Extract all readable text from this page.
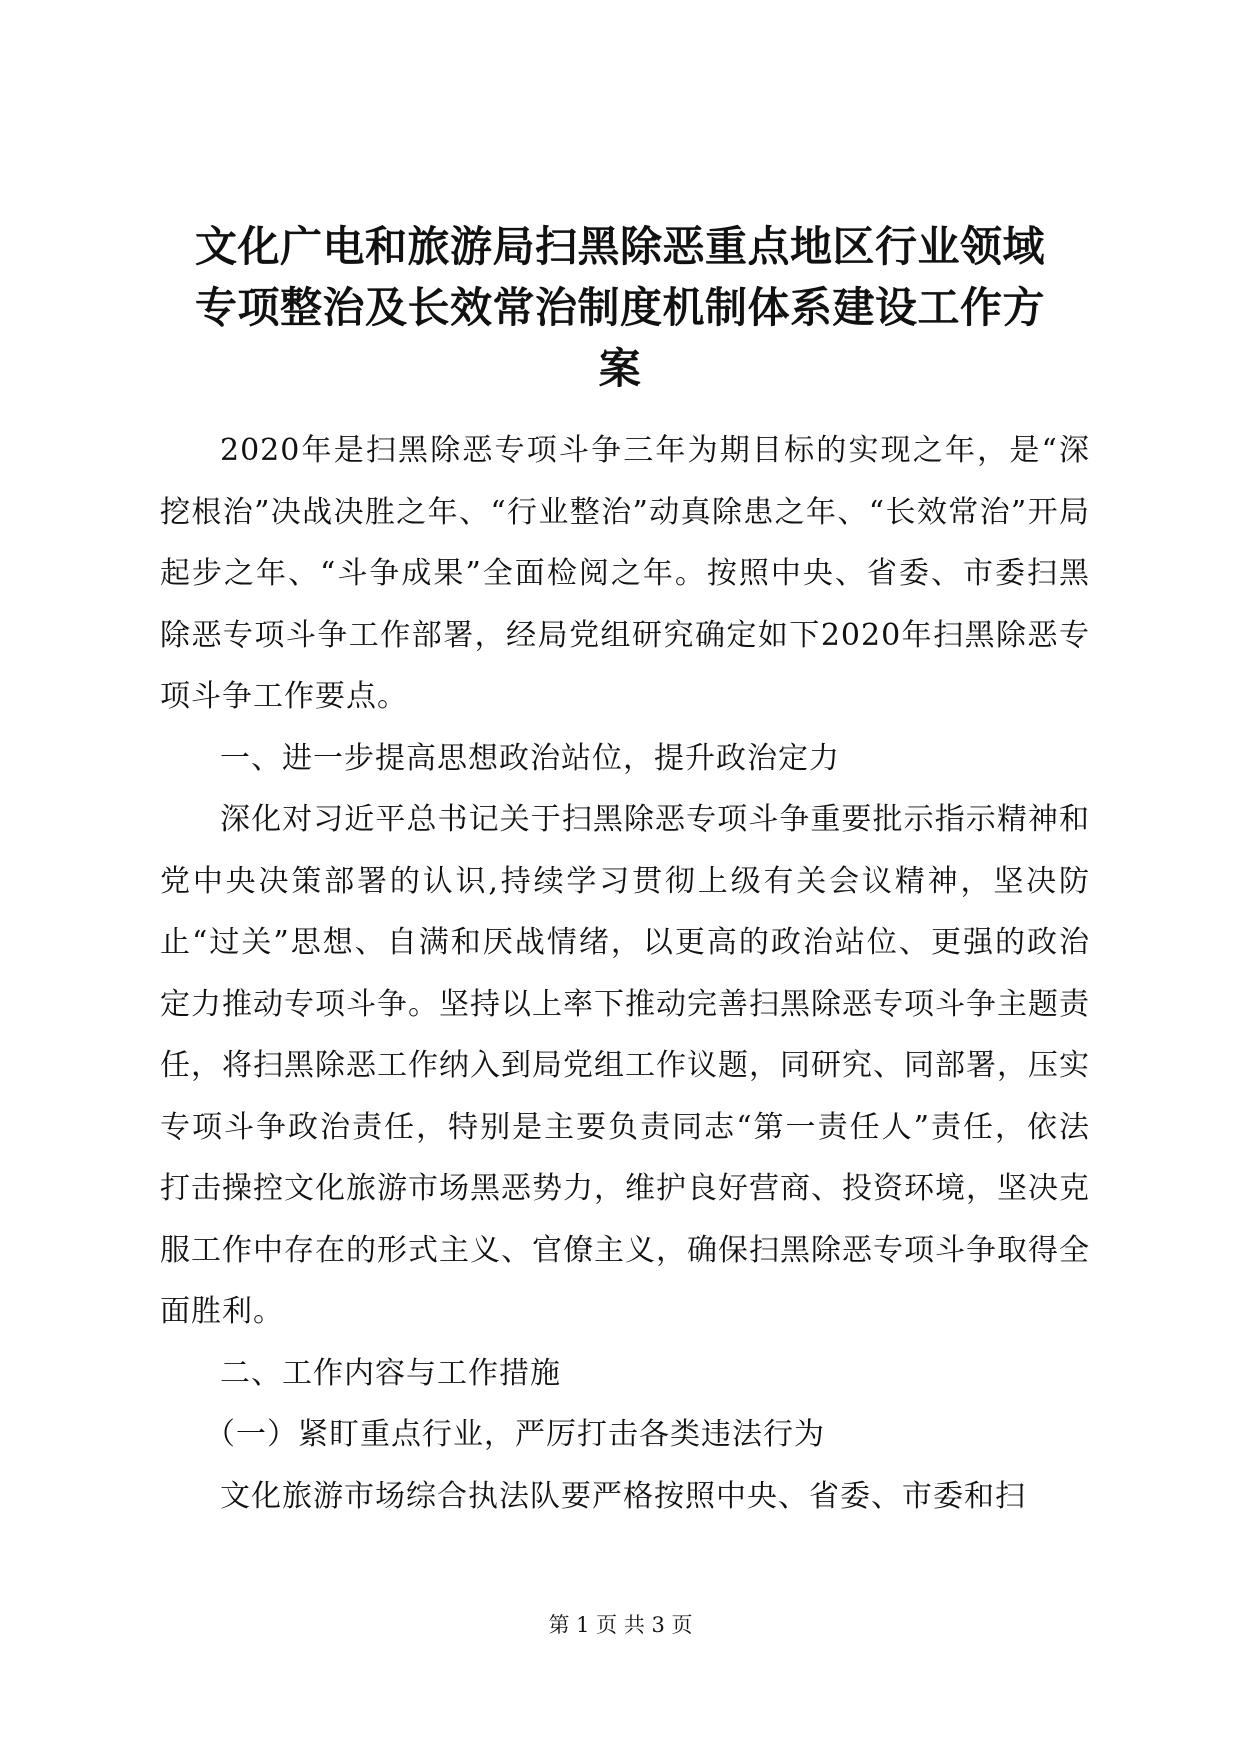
文化广电和旅游局扫黑除恶重点地区行业领域
专项整治及长效常治制度机制体系建设工作方
案

2020年是扫黑除恶专项斗争三年为期目标的实现之年，是“深挖根治”决战决胜之年、“行业整治”动真除患之年、“长效常治”开局起步之年、“斗争成果”全面检阅之年。按照中央、省委、市委扫黑除恶专项斗争工作部署，经局党组研究确定如下2020年扫黑除恶专项斗争工作要点。

一、进一步提高思想政治站位，提升政治定力

深化对习近平总书记关于扫黑除恶专项斗争重要批示指示精神和党中央决策部署的认识,持续学习贯彻上级有关会议精神，坚决防止“过关”思想、自满和厌战情绪，以更高的政治站位、更强的政治定力推动专项斗争。坚持以上率下推动完善扫黑除恶专项斗争主题责任，将扫黑除恶工作纳入到局党组工作议题，同研究、同部署，压实专项斗争政治责任，特别是主要负责同志“第一责任人”责任，依法打击操控文化旅游市场黑恶势力，维护良好营商、投资环境，坚决克服工作中存在的形式主义、官僚主义，确保扫黑除恶专项斗争取得全面胜利。

二、工作内容与工作措施

（一）紧盯重点行业，严厉打击各类违法行为

文化旅游市场综合执法队要严格按照中央、省委、市委和扫

第 1 页 共 3 页
